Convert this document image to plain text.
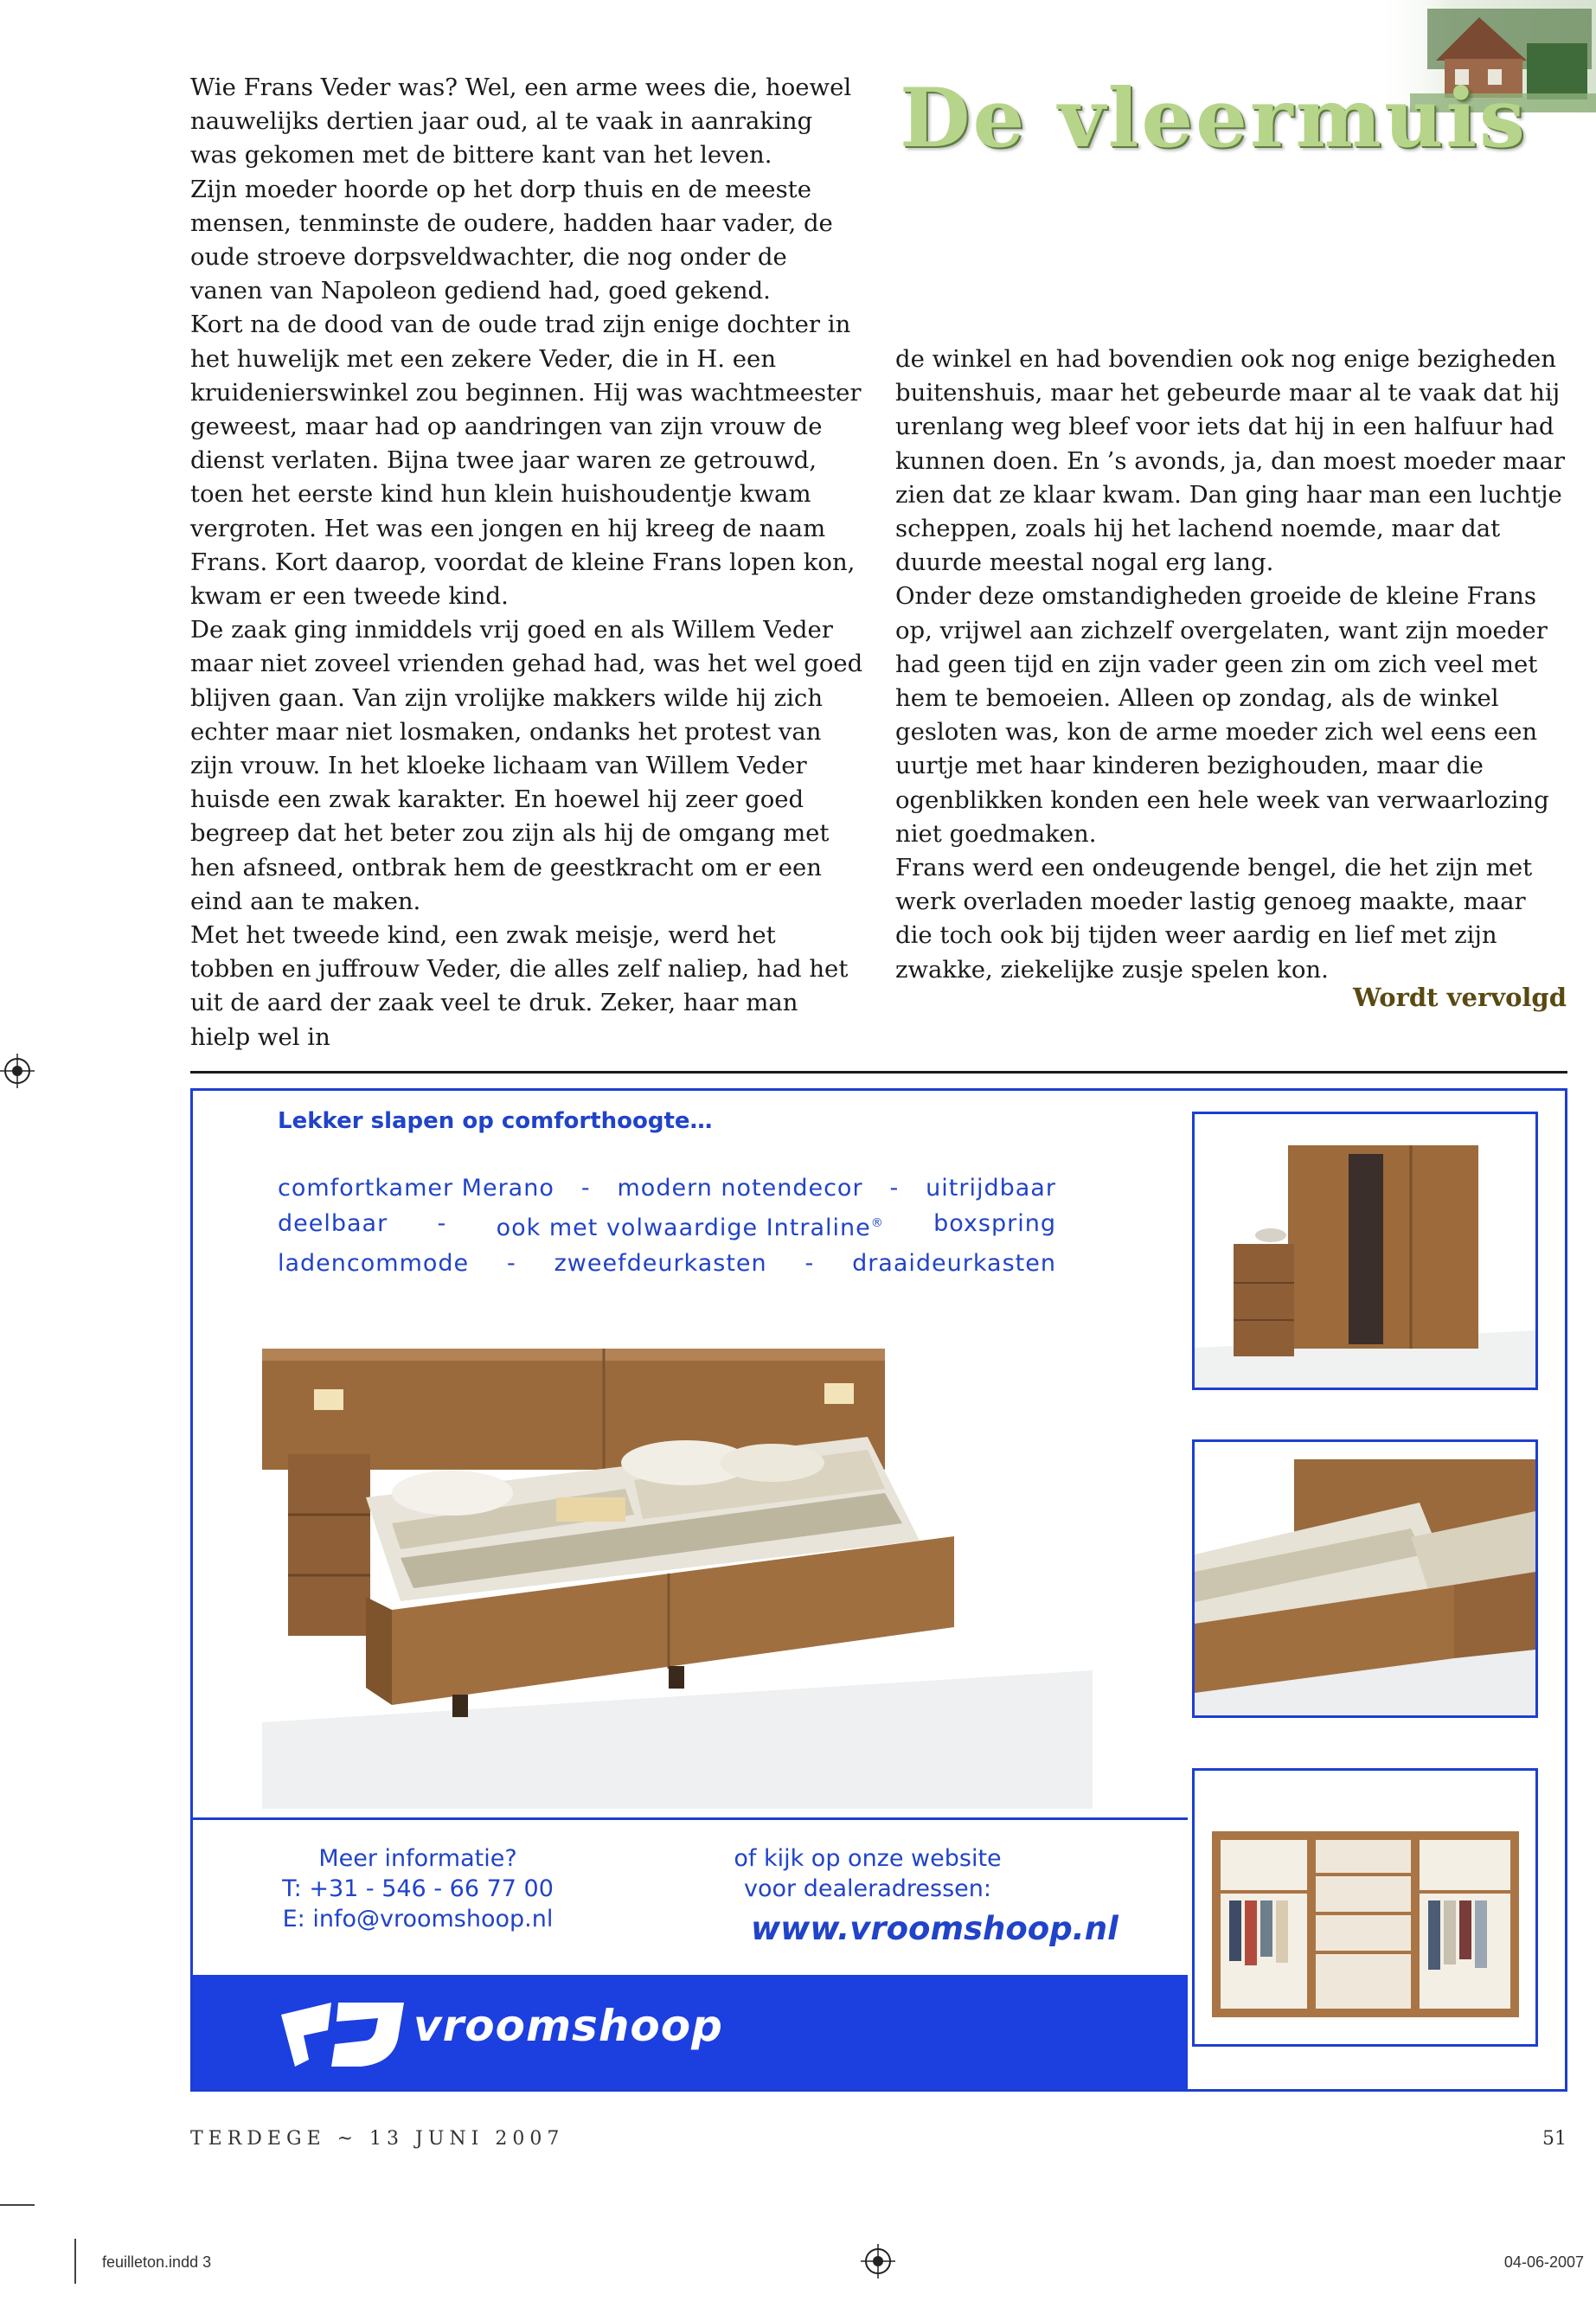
De vleermuis

Wie Frans Veder was? Wel, een arme wees die, hoewel nauwelijks dertien jaar oud, al te vaak in aanraking was gekomen met de bittere kant van het leven.

Zijn moeder hoorde op het dorp thuis en de meeste mensen, tenminste de oudere, hadden haar vader, de oude stroeve dorpsveldwachter, die nog onder de vanen van Napoleon gediend had, goed gekend.

Kort na de dood van de oude trad zijn enige dochter in het huwelijk met een zekere Veder, die in H. een kruidenierswinkel zou beginnen. Hij was wachtmeester geweest, maar had op aandringen van zijn vrouw de dienst verlaten. Bijna twee jaar waren ze getrouwd, toen het eerste kind hun klein huishoudentje kwam vergroten. Het was een jongen en hij kreeg de naam Frans. Kort daarop, voordat de kleine Frans lopen kon, kwam er een tweede kind.

De zaak ging inmiddels vrij goed en als Willem Veder maar niet zoveel vrienden gehad had, was het wel goed blijven gaan. Van zijn vrolijke makkers wilde hij zich echter maar niet losmaken, ondanks het protest van zijn vrouw. In het kloeke lichaam van Willem Veder huisde een zwak karakter. En hoewel hij zeer goed begreep dat het beter zou zijn als hij de omgang met hen afsneed, ontbrak hem de geestkracht om er een eind aan te maken.

Met het tweede kind, een zwak meisje, werd het tobben en juffrouw Veder, die alles zelf naliep, had het uit de aard der zaak veel te druk. Zeker, haar man hielp wel in

de winkel en had bovendien ook nog enige bezigheden buitenshuis, maar het gebeurde maar al te vaak dat hij urenlang weg bleef voor iets dat hij in een halfuur had kunnen doen. En ’s avonds, ja, dan moest moeder maar zien dat ze klaar kwam. Dan ging haar man een luchtje scheppen, zoals hij het lachend noemde, maar dat duurde meestal nogal erg lang.

Onder deze omstandigheden groeide de kleine Frans op, vrijwel aan zichzelf overgelaten, want zijn moeder had geen tijd en zijn vader geen zin om zich veel met hem te bemoeien. Alleen op zondag, als de winkel gesloten was, kon de arme moeder zich wel eens een uurtje met haar kinderen bezighouden, maar die ogenblikken konden een hele week van verwaarlozing niet goedmaken.

Frans werd een ondeugende bengel, die het zijn met werk overladen moeder lastig genoeg maakte, maar die toch ook bij tijden weer aardig en lief met zijn zwakke, ziekelijke zusje spelen kon.

Wordt vervolgd
Lekker slapen op comforthoogte…
comfortkamer Merano - modern notendecor - uitrijdbaar
deelbaar - ook met volwaardige Intraline® boxspring
ladencommode - zweefdeurkasten - draaideurkasten
Meer informatie?
T: +31 - 546 - 66 77 00
E: info@vroomshoop.nl
of kijk op onze website
voor dealeradressen:
www.vroomshoop.nl
vroomshoop
TERDEGE ~ 13 JUNI 2007	51
feuilleton.indd 3	04-06-2007
